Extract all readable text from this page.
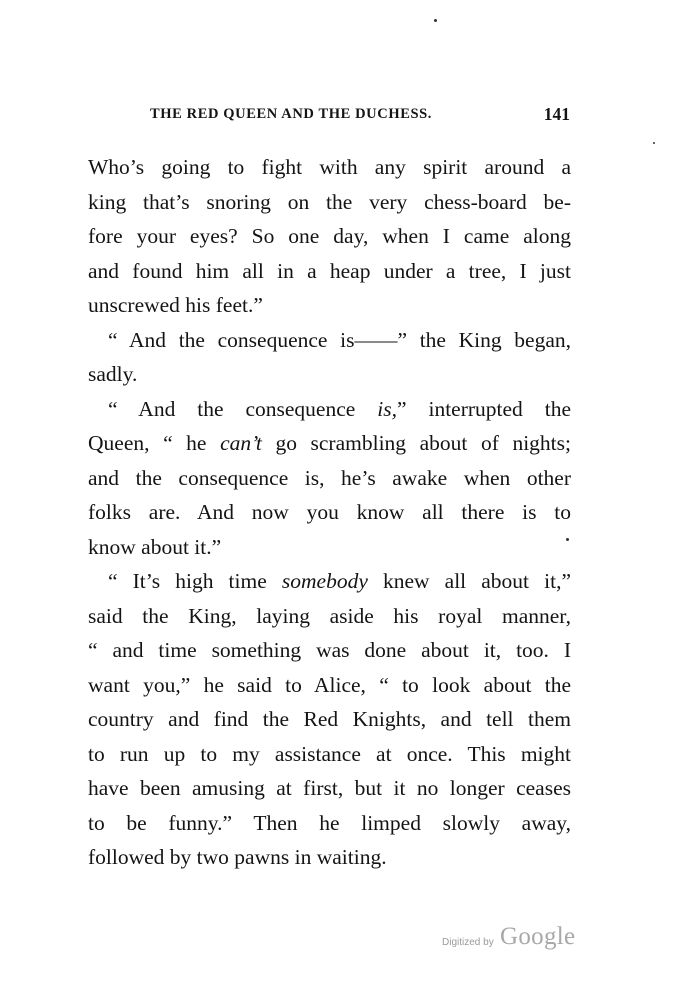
THE RED QUEEN AND THE DUCHESS.	141
Who’s going to fight with any spirit around a
king that’s snoring on the very chess-board be-
fore your eyes? So one day, when I came along
and found him all in a heap under a tree, I just
unscrewed his feet.”
“ And the consequence is——” the King began,
sadly.
“ And the consequence is,” interrupted the
Queen, “ he can’t go scrambling about of nights;
and the consequence is, he’s awake when other
folks are. And now you know all there is to
know about it.”
“ It’s high time somebody knew all about it,”
said the King, laying aside his royal manner,
“ and time something was done about it, too. I
want you,” he said to Alice, “ to look about the
country and find the Red Knights, and tell them
to run up to my assistance at once. This might
have been amusing at first, but it no longer ceases
to be funny.” Then he limped slowly away,
followed by two pawns in waiting.
Digitized by Google
